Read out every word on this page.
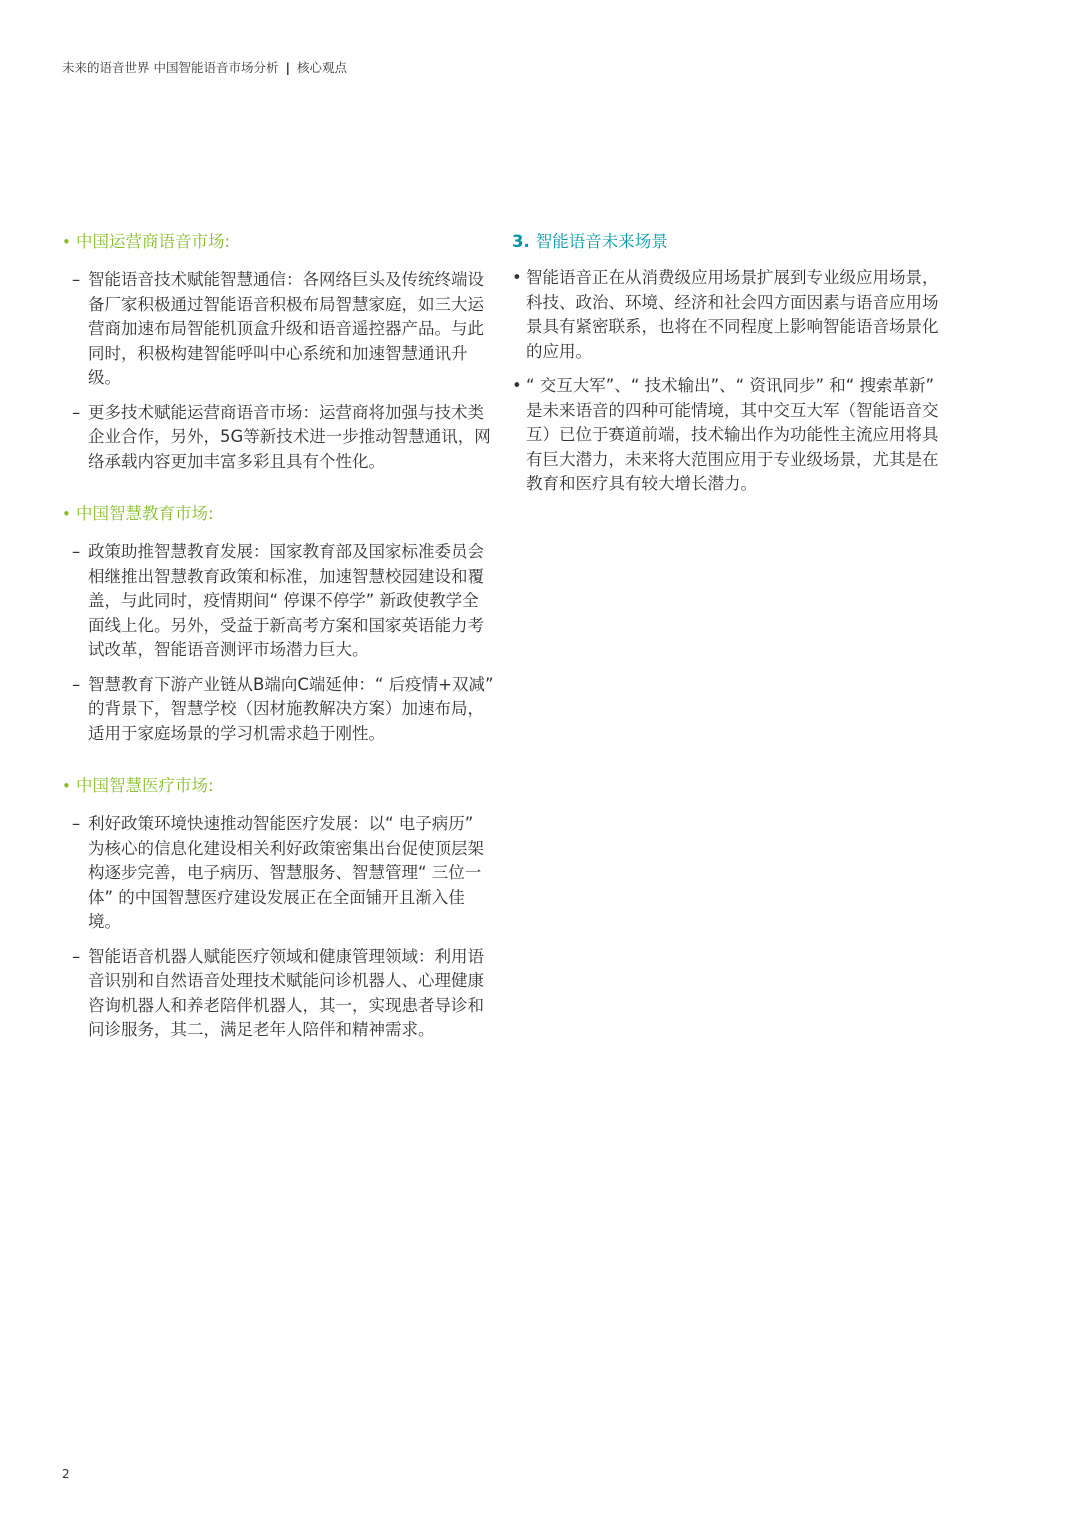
未来的语音世界 中国智能语音市场分析 | 核心观点
• 中国运营商语音市场:
– 智能语音技术赋能智慧通信：各网络巨头及传统终端设备厂家积极通过智能语音积极布局智慧家庭，如三大运营商加速布局智能机顶盒升级和语音遥控器产品。与此同时，积极构建智能呼叫中心系统和加速智慧通讯升级。
– 更多技术赋能运营商语音市场：运营商将加强与技术类企业合作，另外，5G等新技术进一步推动智慧通讯，网络承载内容更加丰富多彩且具有个性化。
• 中国智慧教育市场:
– 政策助推智慧教育发展：国家教育部及国家标准委员会相继推出智慧教育政策和标准，加速智慧校园建设和覆盖，与此同时，疫情期间“ 停课不停学” 新政使教学全面线上化。另外，受益于新高考方案和国家英语能力考试改革，智能语音测评市场潜力巨大。
– 智慧教育下游产业链从B端向C端延伸：“ 后疫情+双减” 的背景下，智慧学校（因材施教解决方案）加速布局，适用于家庭场景的学习机需求趋于刚性。
• 中国智慧医疗市场:
– 利好政策环境快速推动智能医疗发展：以“ 电子病历” 为核心的信息化建设相关利好政策密集出台促使顶层架构逐步完善，电子病历、智慧服务、智慧管理“ 三位一体” 的中国智慧医疗建设发展正在全面铺开且渐入佳境。
– 智能语音机器人赋能医疗领域和健康管理领域：利用语音识别和自然语音处理技术赋能问诊机器人、心理健康咨询机器人和养老陪伴机器人，其一，实现患者导诊和问诊服务，其二，满足老年人陪伴和精神需求。
3. 智能语音未来场景
• 智能语音正在从消费级应用场景扩展到专业级应用场景，科技、政治、环境、经济和社会四方面因素与语音应用场景具有紧密联系，也将在不同程度上影响智能语音场景化的应用。
• “ 交互大军”、“ 技术输出”、“ 资讯同步” 和“ 搜索革新” 是未来语音的四种可能情境，其中交互大军（智能语音交互）已位于赛道前端，技术输出作为功能性主流应用将具有巨大潜力，未来将大范围应用于专业级场景，尤其是在教育和医疗具有较大增长潜力。
2
